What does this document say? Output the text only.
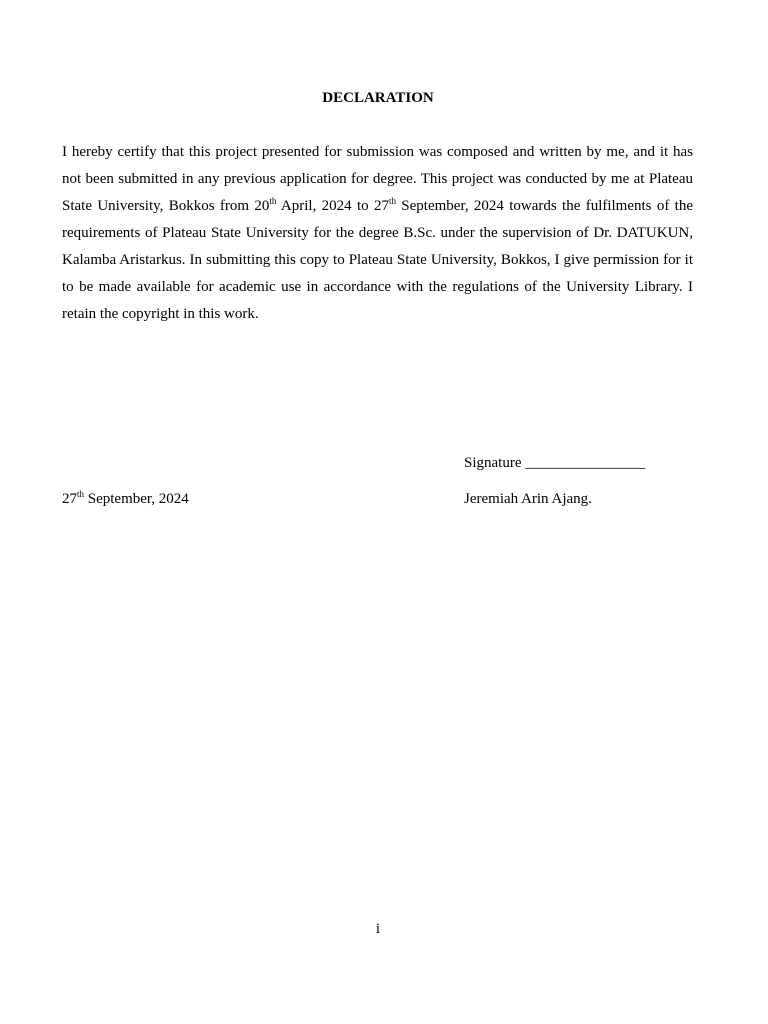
DECLARATION

I hereby certify that this project presented for submission was composed and written by me, and it has not been submitted in any previous application for degree. This project was conducted by me at Plateau State University, Bokkos from 20th April, 2024 to 27th September, 2024 towards the fulfilments of the requirements of Plateau State University for the degree B.Sc. under the supervision of Dr. DATUKUN, Kalamba Aristarkus. In submitting this copy to Plateau State University, Bokkos, I give permission for it to be made available for academic use in accordance with the regulations of the University Library. I retain the copyright in this work.

Signature ________________
27th September, 2024	Jeremiah Arin Ajang.
i
